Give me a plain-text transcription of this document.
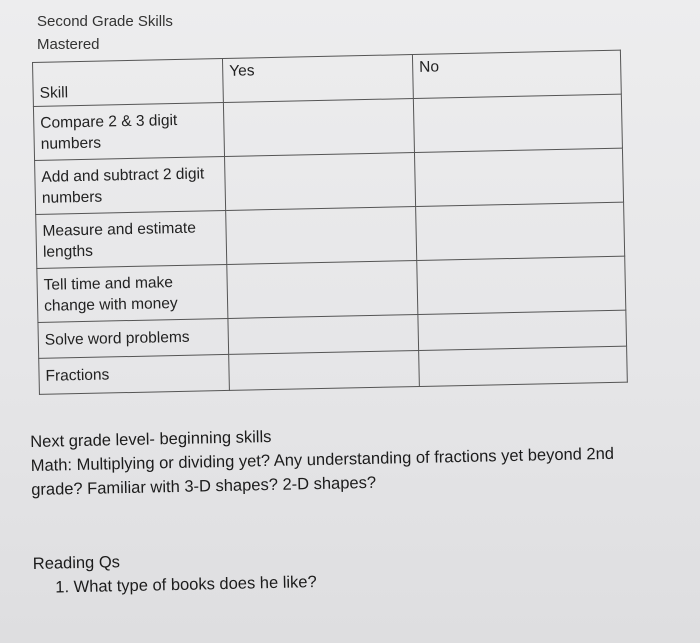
Second Grade Skills
Mastered
Skill	Yes	No
Compare 2 & 3 digit numbers		
Add and subtract 2 digit numbers		
Measure and estimate lengths		
Tell time and make change with money		
Solve word problems		
Fractions		

Next grade level- beginning skills

Math: Multiplying or dividing yet? Any understanding of fractions yet beyond 2nd grade? Familiar with 3-D shapes? 2-D shapes?

Reading Qs

1. What type of books does he like?
